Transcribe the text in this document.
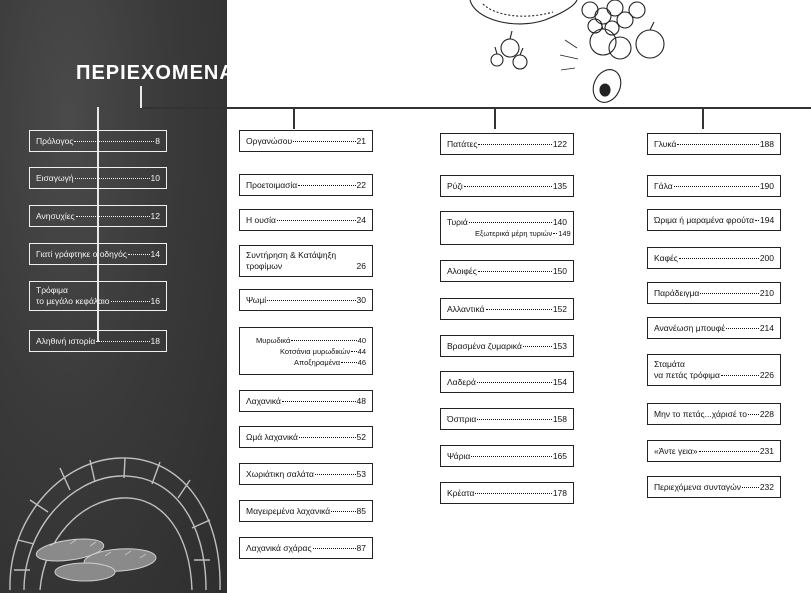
ΠΕΡΙΕΧΟΜΕΝΑ
Πρόλογος	8
Εισαγωγή	10
Ανησυχίες	12
Γιατί γράφτηκε ο οδηγός	14
Τρόφιμα
το μεγάλο κεφάλαιο	16
Αληθινή ιστορία	18
Οργανώσου	21
Προετοιμασία	22
Η ουσία	24
Συντήρηση & Κατάψηξη
τροφίμων	26
Ψωμί	30
Μυρωδικά	40
Κοτσάνια μυρωδικών 44
Αποξηραμένα 46
Λαχανικά	48
Ωμά λαχανικά	52
Χωριάτικη σαλάτα	53
Μαγειρεμένα λαχανικά	85
Λαχανικά σχάρας	87
Πατάτες	122
Ρύζι	135
Τυριά	140
Εξωτερικά μέρη τυριών 149
Αλοιφές	150
Αλλαντικά	152
Βρασμένα ζυμαρικά	153
Λαδερά	154
Όσπρια	158
Ψάρια	165
Κρέατα	178
Γλυκά	188
Γάλα	190
Ώριμα ή μαραμένα φρούτα 194
Καφές	200
Παράδειγμα	210
Ανανέωση μπουφέ	214
Σταμάτα
να πετάς τρόφιμα	226
Μην το πετάς...χάρισέ το 228
«Άντε γεια»	231
Περιεχόμενα συνταγών 232
